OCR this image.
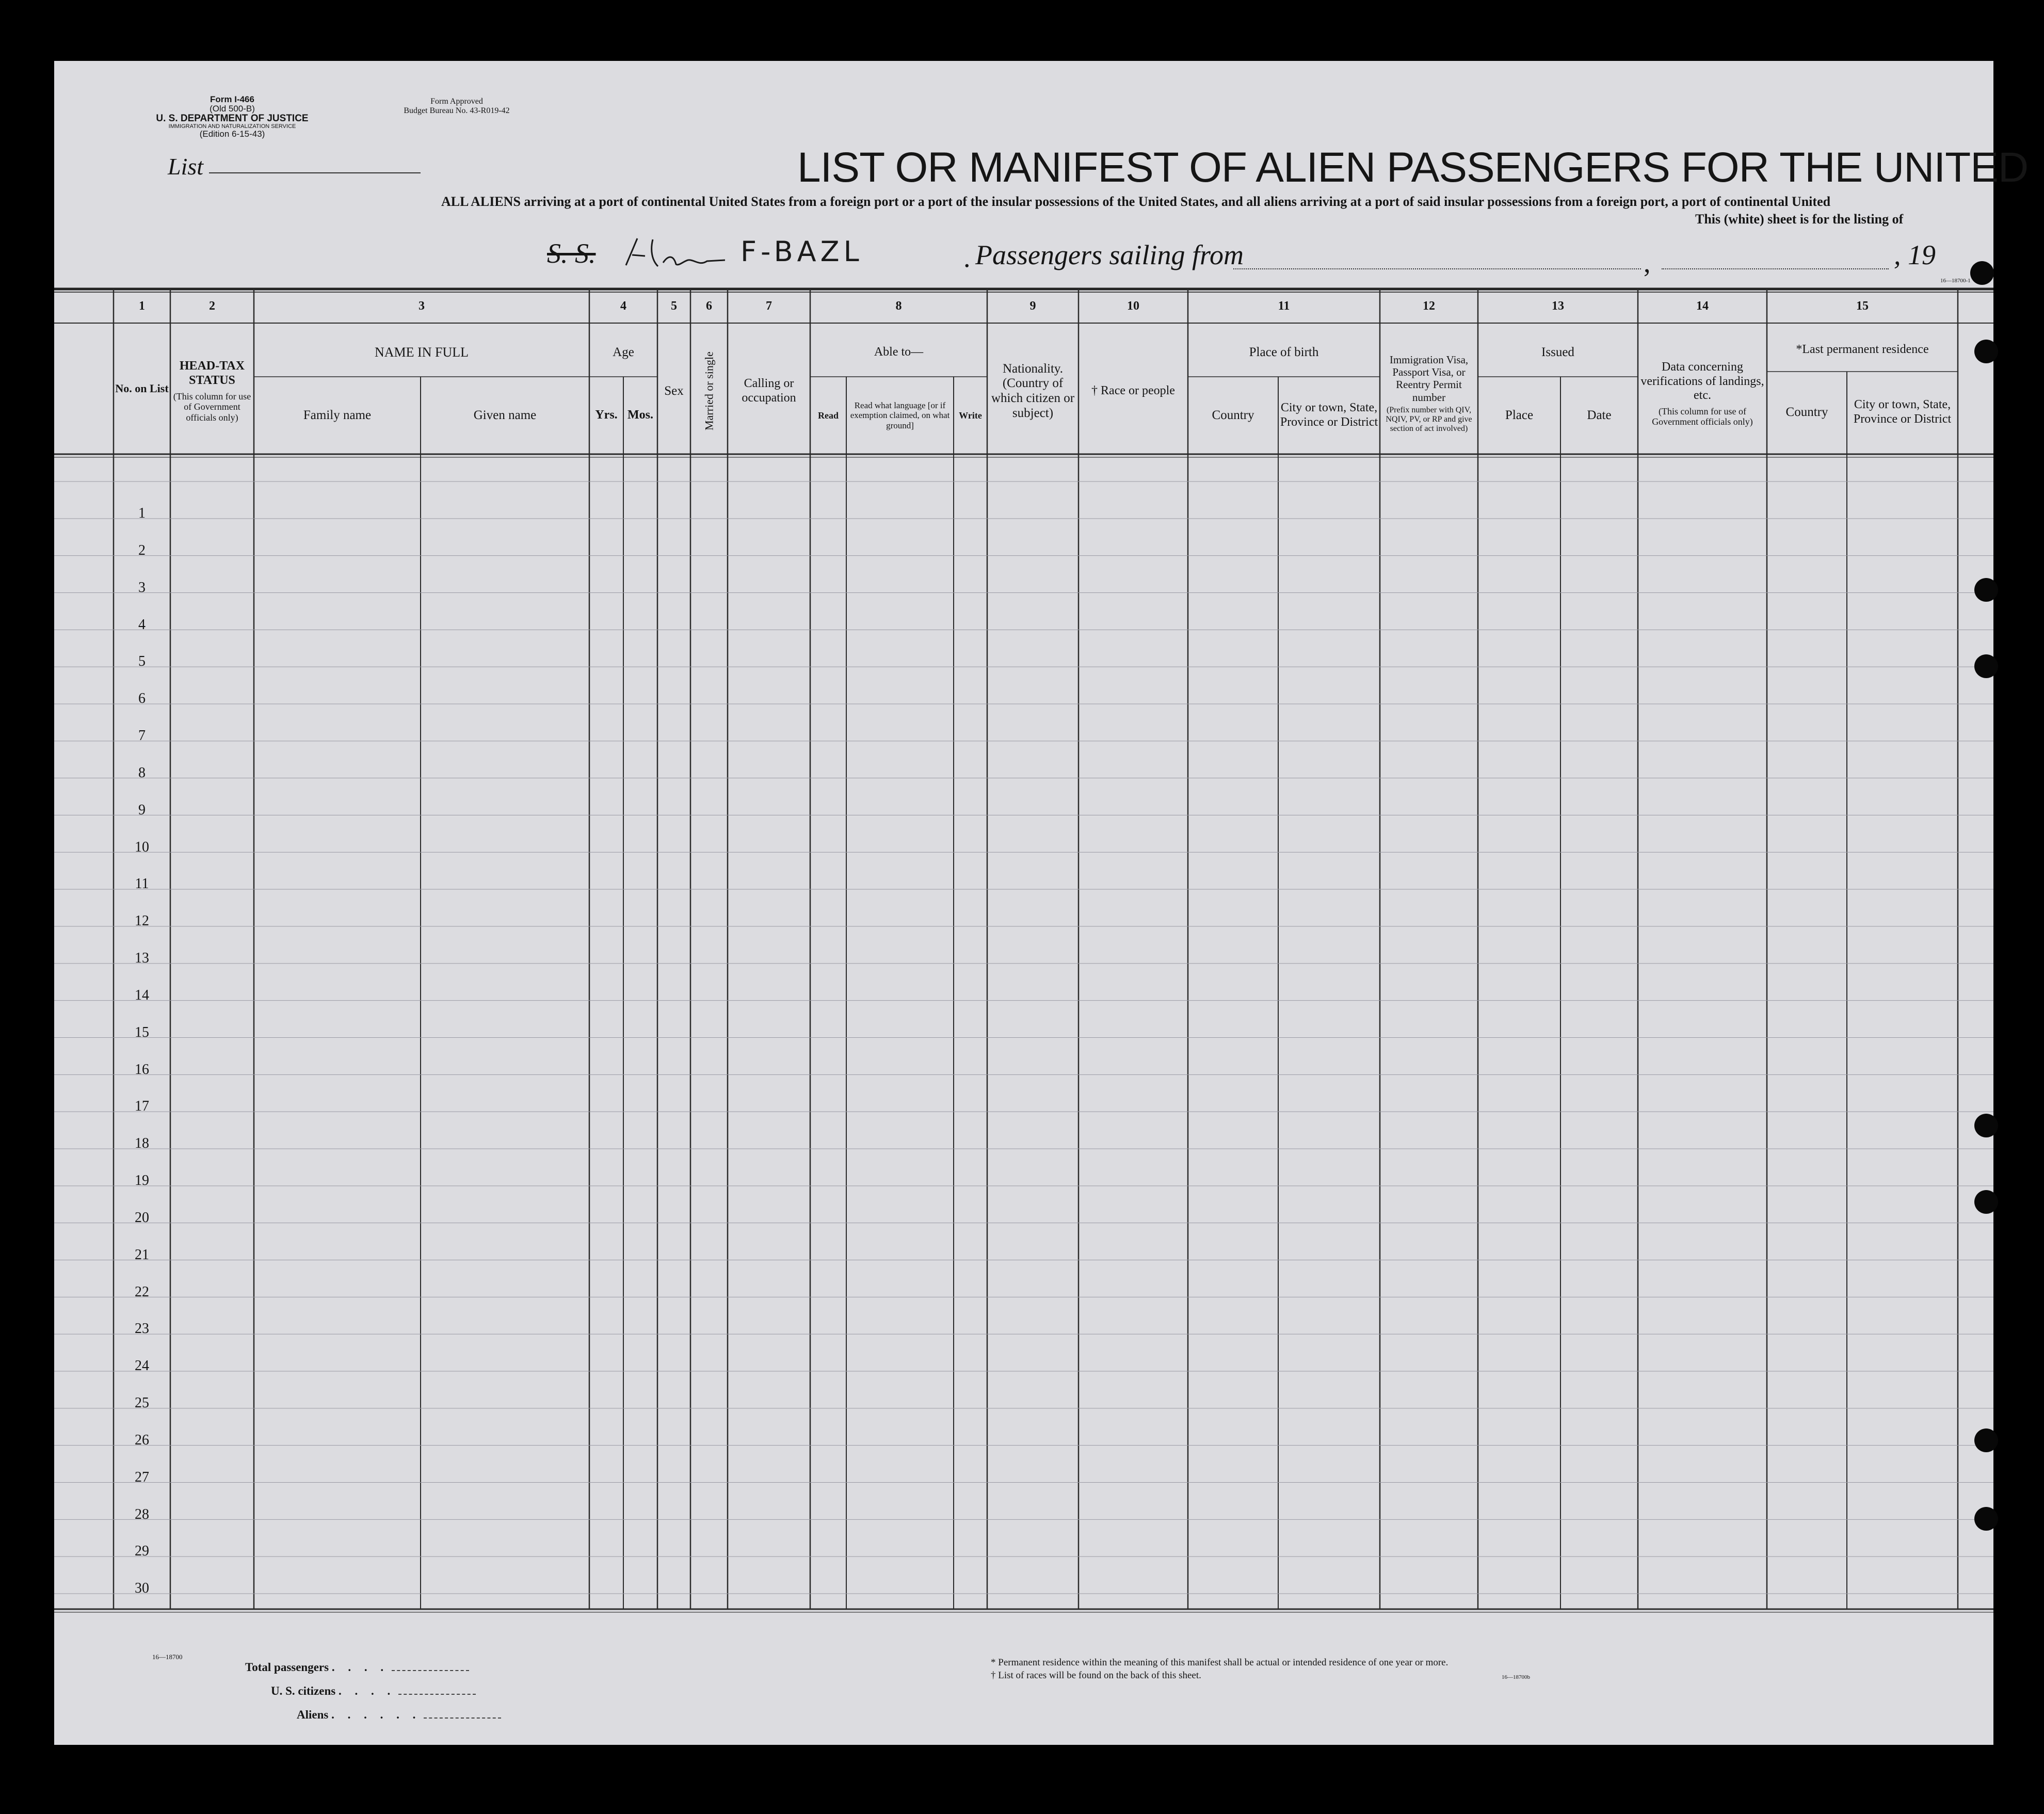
Form I-466
(Old 500-B)
U. S. DEPARTMENT OF JUSTICE
IMMIGRATION AND NATURALIZATION SERVICE
(Edition 6-15-43)
Form Approved
Budget Bureau No. 43-R019-42
List	LIST OR MANIFEST OF ALIEN PASSENGERS FOR THE UNITED
ALL ALIENS arriving at a port of continental United States from a foreign port or a port of the insular possessions of the United States, and all aliens arriving at a port of said insular possessions from a foreign port, a port of continental United
This (white) sheet is for the listing of
S. S.	F-BAZL	. Passengers sailing from	,	, 19
16—18700-1
1	2	3	4	5	6	7	8	9	10	11	12	13	14	15
No. on List
HEAD-TAX STATUS
(This column for use of Government officials only)
NAME IN FULL
Family name	Given name
Age
Yrs. Mos.
Sex	Married or single	Calling or occupation
Able to—
Read
Read what language [or if exemption claimed, on what ground]
Write
Nationality. (Country of which citizen or subject)
† Race or people
Place of birth
Country
City or town, State, Province or District
Immigration Visa, Passport Visa, or Reentry Permit number
(Prefix number with QIV, NQIV, PV, or RP and give section of act involved)
Issued
Place	Date
Data concerning verifications of landings, etc.
(This column for use of Government officials only)
*Last permanent residence
Country
City or town, State, Province or District
1
2
3
4
5
6
7
8
9
10
11
12
13
14
15
16
17
18
19
20
21
22
23
24
25
26
27
28
29
30
16—18700
Total passengers . . . .
U. S. citizens . . . .
Aliens . . . . . .
* Permanent residence within the meaning of this manifest shall be actual or intended residence of one year or more.
† List of races will be found on the back of this sheet.	16—18700b
